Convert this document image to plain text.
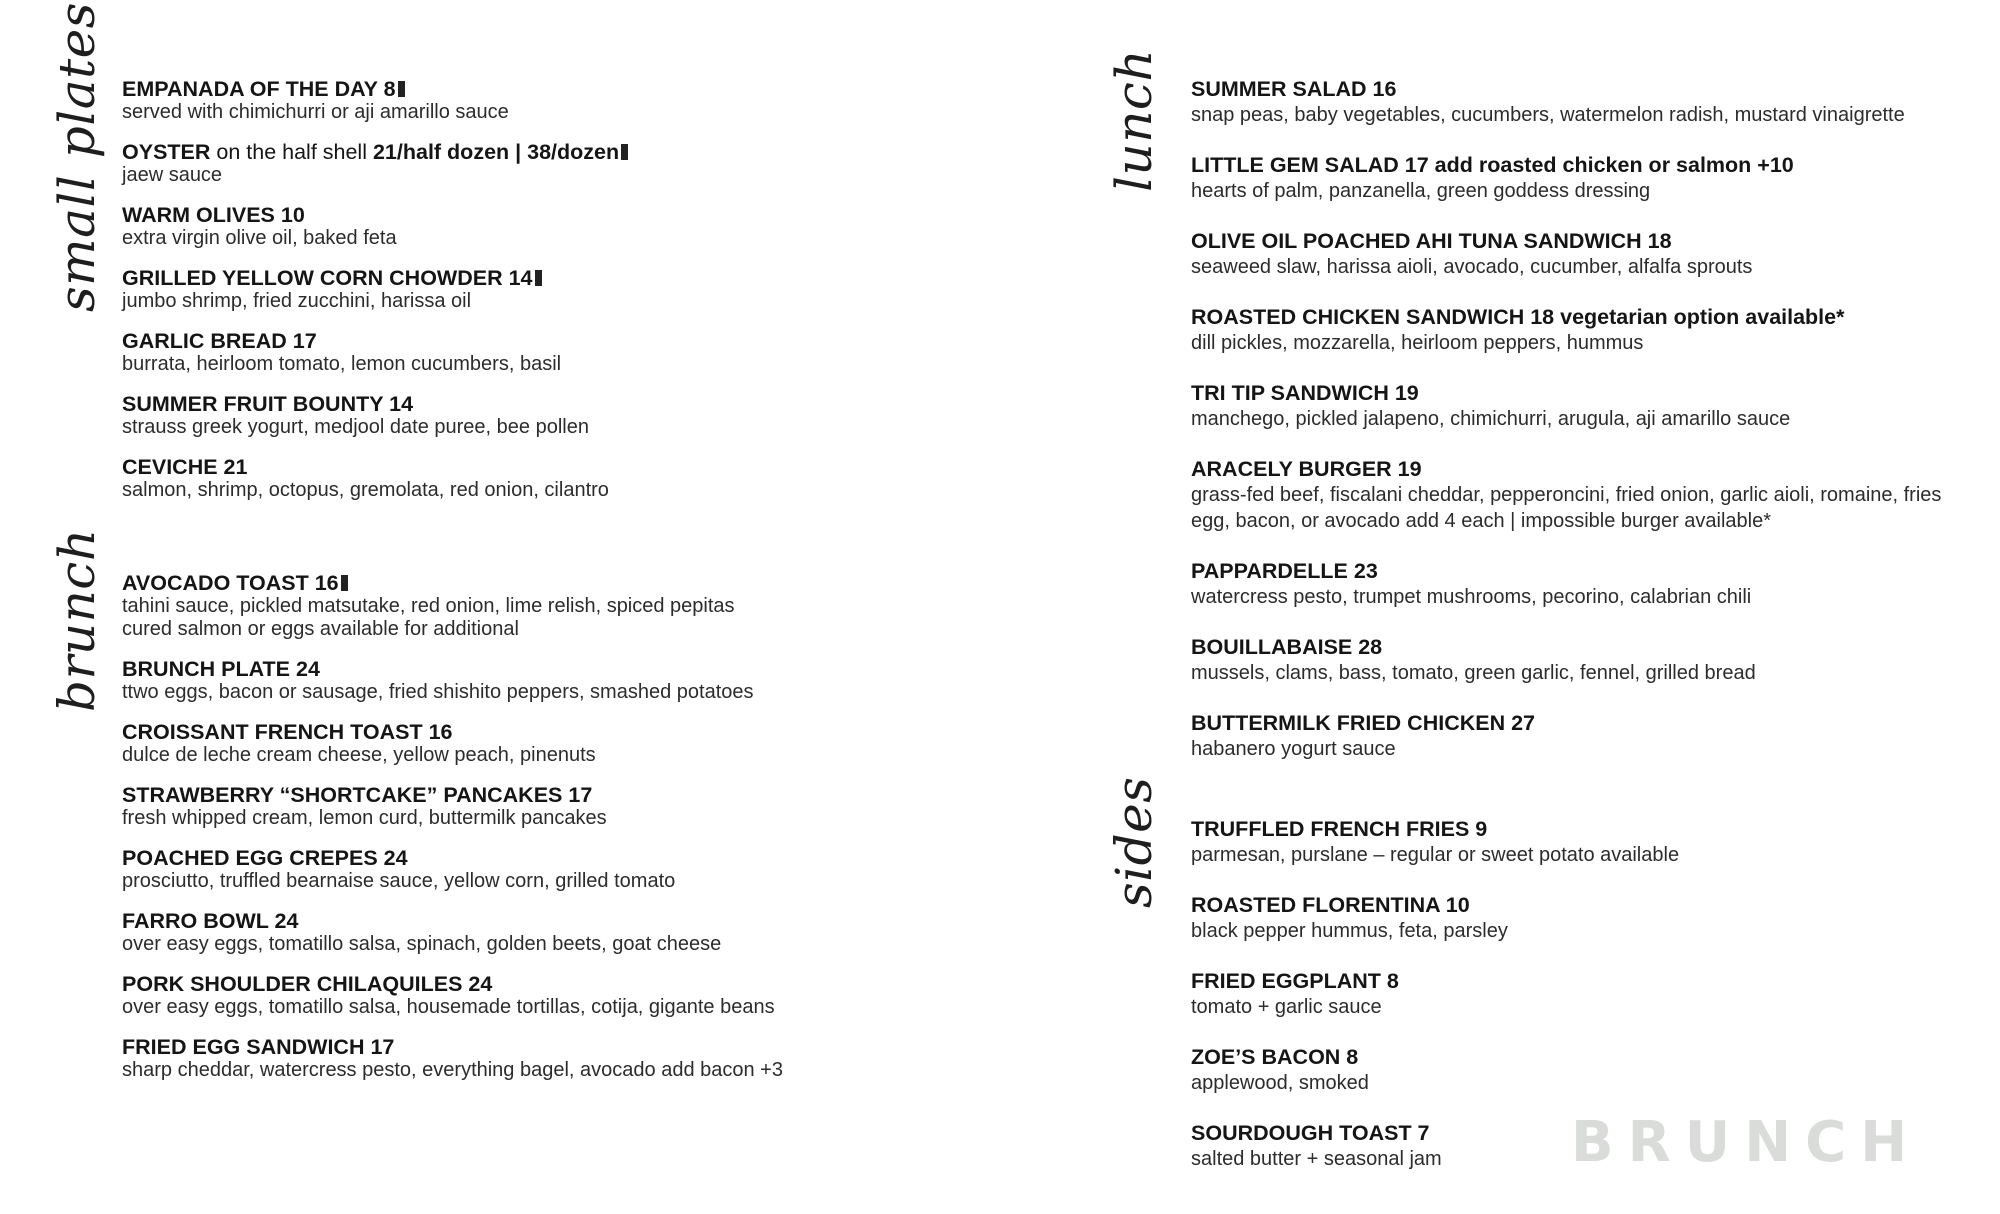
small plates
brunch
lunch
sides
EMPANADA OF THE DAY 8
served with chimichurri or aji amarillo sauce
OYSTER on the half shell 21/half dozen | 38/dozen
jaew sauce
WARM OLIVES 10
extra virgin olive oil, baked feta
GRILLED YELLOW CORN CHOWDER 14
jumbo shrimp, fried zucchini, harissa oil
GARLIC BREAD 17
burrata, heirloom tomato, lemon cucumbers, basil
SUMMER FRUIT BOUNTY 14
strauss greek yogurt, medjool date puree, bee pollen
CEVICHE 21
salmon, shrimp, octopus, gremolata, red onion, cilantro
AVOCADO TOAST 16
tahini sauce, pickled matsutake, red onion, lime relish, spiced pepitas
cured salmon or eggs available for additional
BRUNCH PLATE 24
ttwo eggs, bacon or sausage, fried shishito peppers, smashed potatoes
CROISSANT FRENCH TOAST 16
dulce de leche cream cheese, yellow peach, pinenuts
STRAWBERRY “SHORTCAKE” PANCAKES 17
fresh whipped cream, lemon curd, buttermilk pancakes
POACHED EGG CREPES 24
prosciutto, truffled bearnaise sauce, yellow corn, grilled tomato
FARRO BOWL 24
over easy eggs, tomatillo salsa, spinach, golden beets, goat cheese
PORK SHOULDER CHILAQUILES 24
over easy eggs, tomatillo salsa, housemade tortillas, cotija, gigante beans
FRIED EGG SANDWICH 17
sharp cheddar, watercress pesto, everything bagel, avocado add bacon +3
SUMMER SALAD 16
snap peas, baby vegetables, cucumbers, watermelon radish, mustard vinaigrette
LITTLE GEM SALAD 17 add roasted chicken or salmon +10
hearts of palm, panzanella, green goddess dressing
OLIVE OIL POACHED AHI TUNA SANDWICH 18
seaweed slaw, harissa aioli, avocado, cucumber, alfalfa sprouts
ROASTED CHICKEN SANDWICH 18 vegetarian option available*
dill pickles, mozzarella, heirloom peppers, hummus
TRI TIP SANDWICH 19
manchego, pickled jalapeno, chimichurri, arugula, aji amarillo sauce
ARACELY BURGER 19
grass-fed beef, fiscalani cheddar, pepperoncini, fried onion, garlic aioli, romaine, fries
egg, bacon, or avocado add 4 each | impossible burger available*
PAPPARDELLE 23
watercress pesto, trumpet mushrooms, pecorino, calabrian chili
BOUILLABAISE 28
mussels, clams, bass, tomato, green garlic, fennel, grilled bread
BUTTERMILK FRIED CHICKEN 27
habanero yogurt sauce
TRUFFLED FRENCH FRIES 9
parmesan, purslane – regular or sweet potato available
ROASTED FLORENTINA 10
black pepper hummus, feta, parsley
FRIED EGGPLANT 8
tomato + garlic sauce
ZOE’S BACON 8
applewood, smoked
SOURDOUGH TOAST 7
salted butter + seasonal jam	BRUNCH
